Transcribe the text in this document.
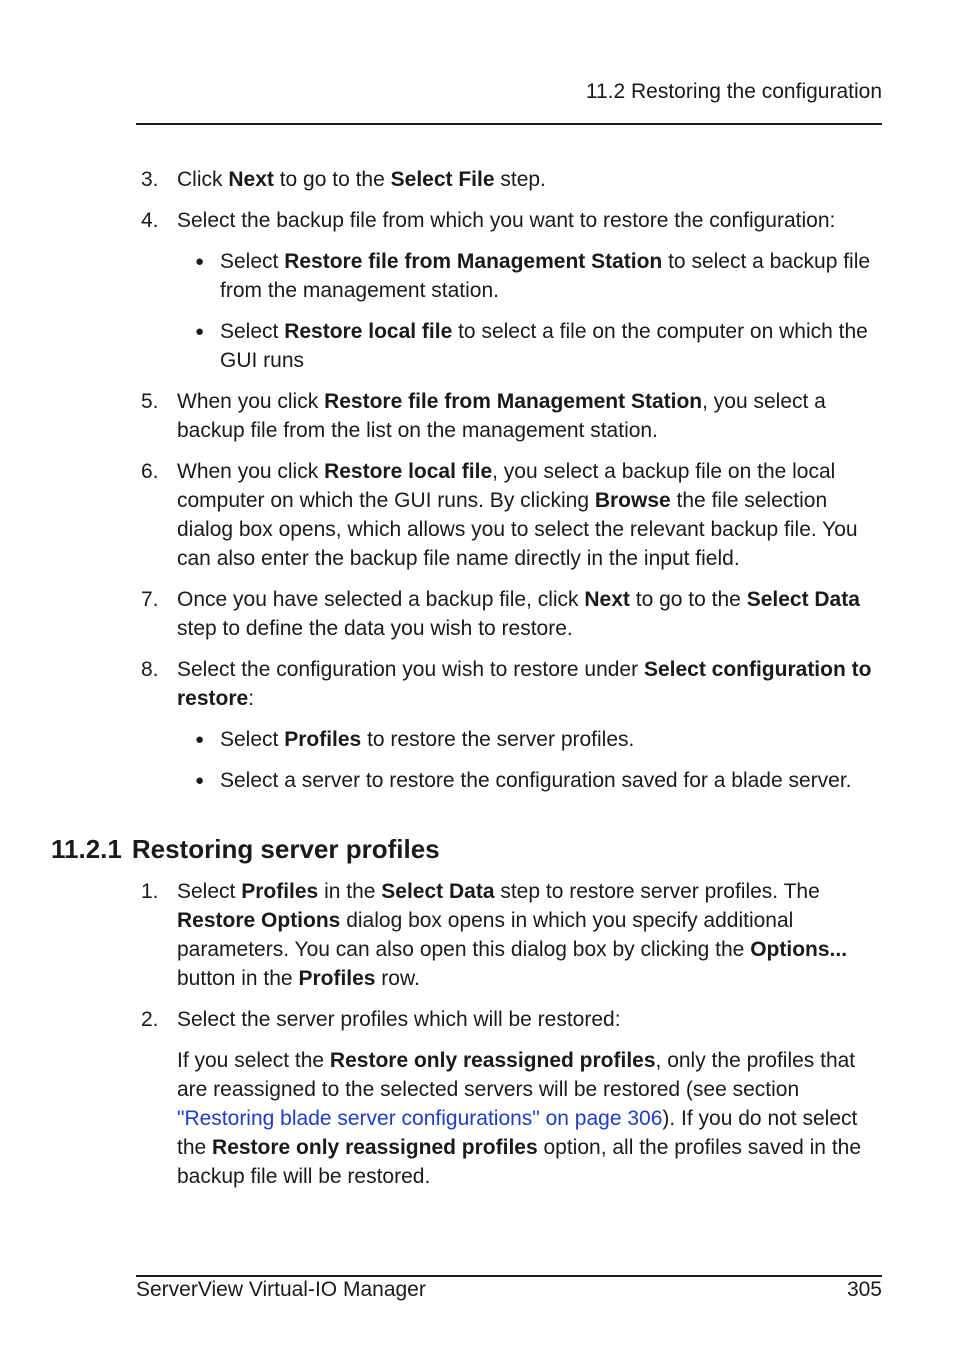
11.2 Restoring the configuration

3. Click Next to go to the Select File step.

4. Select the backup file from which you want to restore the configuration:

● Select Restore file from Management Station to select a backup file from the management station.

● Select Restore local file to select a file on the computer on which the GUI runs

5. When you click Restore file from Management Station, you select a backup file from the list on the management station.

6. When you click Restore local file, you select a backup file on the local computer on which the GUI runs. By clicking Browse the file selection dialog box opens, which allows you to select the relevant backup file. You can also enter the backup file name directly in the input field.

7. Once you have selected a backup file, click Next to go to the Select Data step to define the data you wish to restore.

8. Select the configuration you wish to restore under Select configuration to restore:

● Select Profiles to restore the server profiles.

● Select a server to restore the configuration saved for a blade server.

11.2.1 Restoring server profiles

1. Select Profiles in the Select Data step to restore server profiles. The Restore Options dialog box opens in which you specify additional parameters. You can also open this dialog box by clicking the Options... button in the Profiles row.

2. Select the server profiles which will be restored:

If you select the Restore only reassigned profiles, only the profiles that are reassigned to the selected servers will be restored (see section "Restoring blade server configurations" on page 306). If you do not select the Restore only reassigned profiles option, all the profiles saved in the backup file will be restored.

ServerView Virtual-IO Manager	305
